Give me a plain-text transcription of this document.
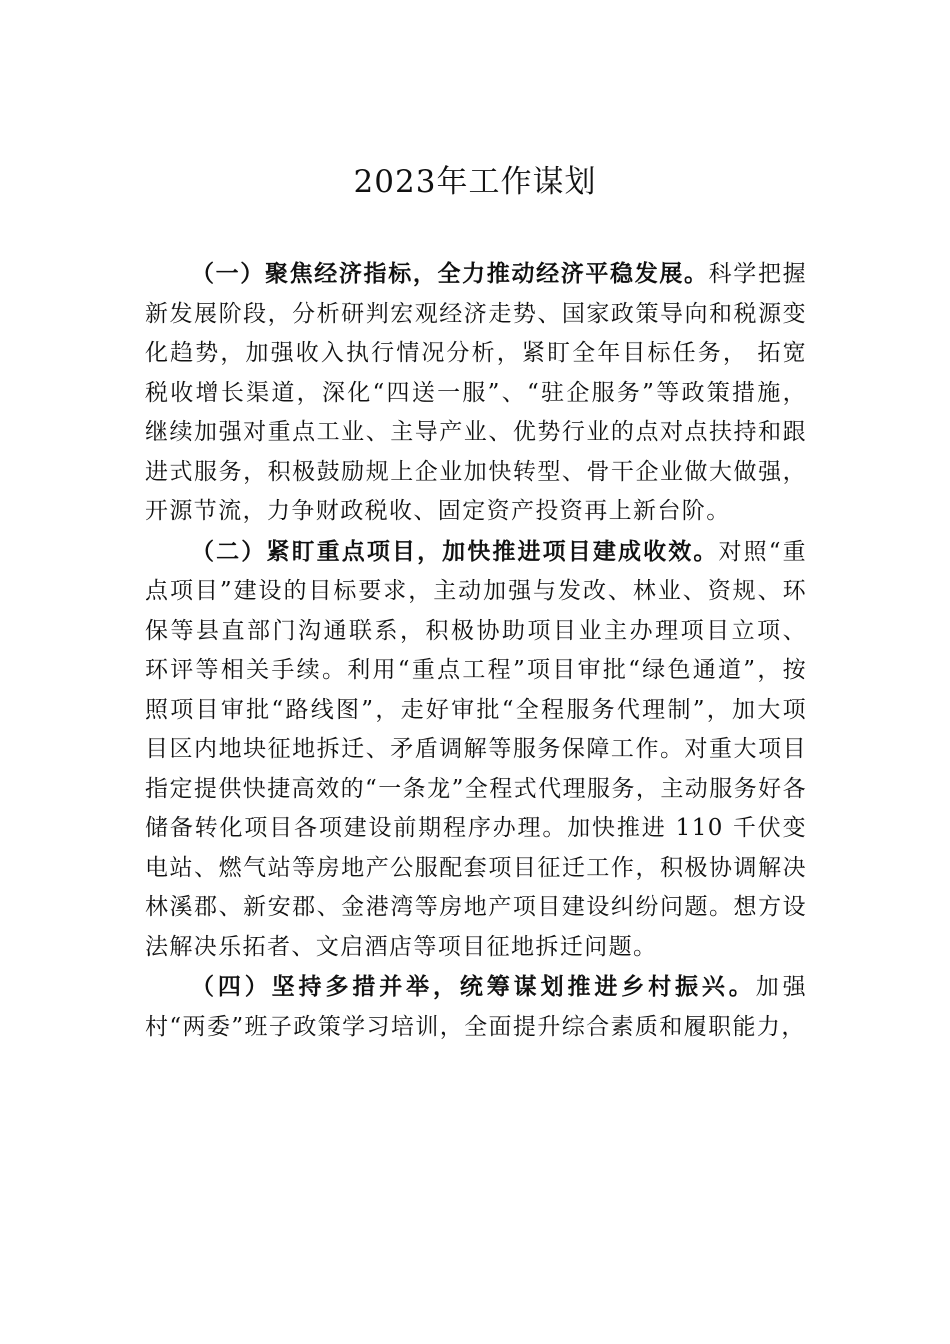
2023年工作谋划

（一）聚焦经济指标，全力推动经济平稳发展。科学把握新发展阶段，分析研判宏观经济走势、国家政策导向和税源变化趋势，加强收入执行情况分析，紧盯全年目标任务， 拓宽税收增长渠道，深化“四送一服”、“驻企服务”等政策措施，继续加强对重点工业、主导产业、优势行业的点对点扶持和跟进式服务，积极鼓励规上企业加快转型、骨干企业做大做强，开源节流，力争财政税收、固定资产投资再上新台阶。

（二）紧盯重点项目，加快推进项目建成收效。对照“重点项目”建设的目标要求，主动加强与发改、林业、资规、环保等县直部门沟通联系，积极协助项目业主办理项目立项、 环评等相关手续。利用“重点工程”项目审批“绿色通道”，按照项目审批“路线图”，走好审批“全程服务代理制”，加大项目区内地块征地拆迁、矛盾调解等服务保障工作。对重大项目指定提供快捷高效的“一条龙”全程式代理服务，主动服务好各储备转化项目各项建设前期程序办理。加快推进 110 千伏变电站、燃气站等房地产公服配套项目征迁工作，积极协调解决林溪郡、新安郡、金港湾等房地产项目建设纠纷问题。想方设法解决乐拓者、文启酒店等项目征地拆迁问题。

（四）坚持多措并举，统筹谋划推进乡村振兴。加强村“两委”班子政策学习培训，全面提升综合素质和履职能力，
